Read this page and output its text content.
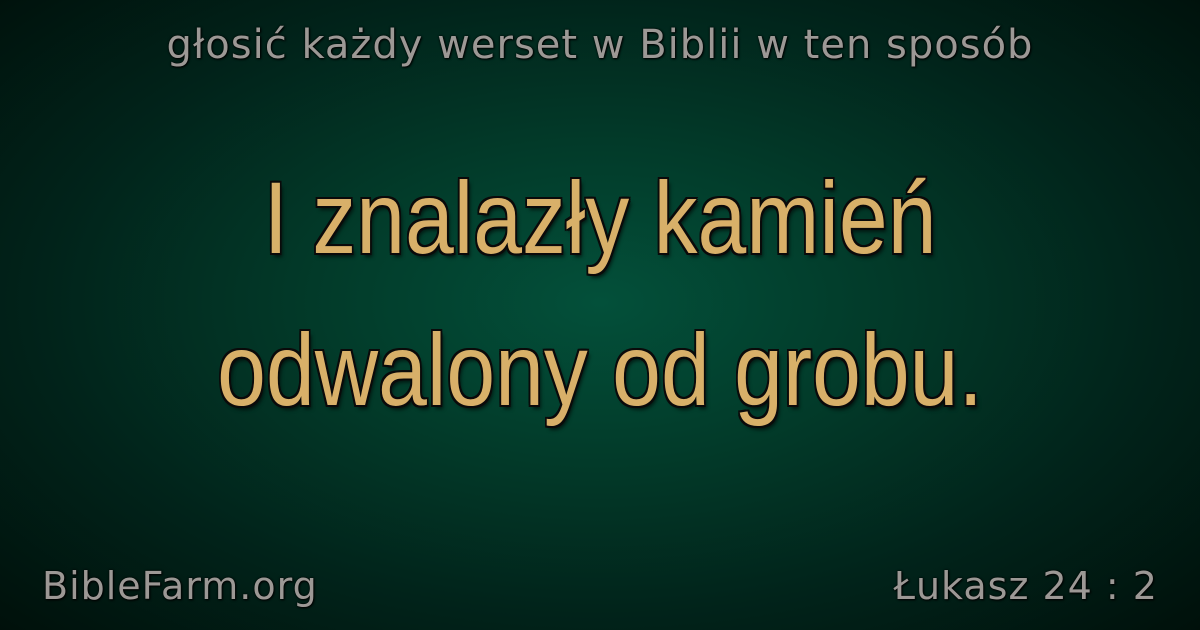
głosić każdy werset w Biblii w ten sposób
I znalazły kamień
odwalony od grobu.
BibleFarm.org	Łukasz 24 : 2
